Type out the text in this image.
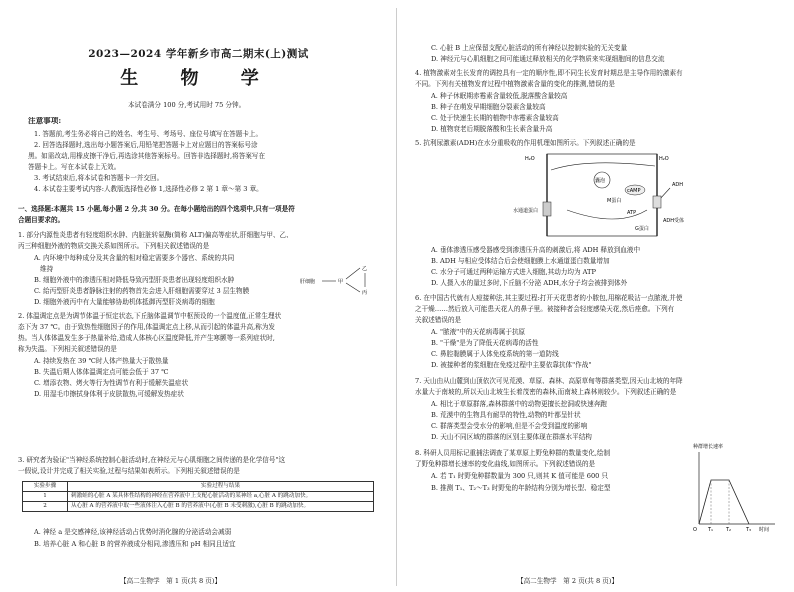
2023—2024 学年新乡市高二期末(上)测试
生 物 学
本试卷满分 100 分,考试用时 75 分钟。
注意事项:
1. 答题前,考生务必将自己的姓名、考生号、考场号、座位号填写在答题卡上。
2. 回答选择题时,选出每小题答案后,用铅笔把答题卡上对应题目的答案标号涂
黑。如需改动,用橡皮擦干净后,再选涂其他答案标号。回答非选择题时,将答案写在
答题卡上。写在本试卷上无效。
3. 考试结束后,将本试卷和答题卡一并交回。
4. 本试卷主要考试内容:人教版选择性必修 1,选择性必修 2 第 1 章～第 3 章。
一、选择题:本题共 15 小题,每小题 2 分,共 30 分。在每小题给出的四个选项中,只有一项是符
合题目要求的。
1. 部分内源性炎患者有轻度组织水肿、内脏脏转氨酶(简称 ALT)偏高等症状,肝细胞与甲、乙、
丙三种细胞外液的物质交换关系如图所示。下列相关叙述错误的是
A. 内环境中每种成分及其含量的相对稳定需要多个器官、系统的共同
维持
B. 细胞外液中的渗透压相对降低导致丙型肝炎患者出现轻度组织水肿
C. 給丙型肝炎患者静脉注射的药物首先会进入肝细胞需要穿过 3 层生物膜
D. 细胞外液丙中有大量能够协助机体抵御丙型肝炎病毒的细胞
肝细胞	甲
乙
丙
2. 体温调定点是为调节体温于恒定状态,下丘脑体温调节中枢预设的一个温度值,正常生理状
态下为 37 ℃。由于致热性细胞因子的作用,体温调定点上移,从而引起的体温升高,称为发
热。当人体体温发生多于热量补给,造成人体核心区温度降低,并产生寒颤等一系列症状时,
称为失温。下列相关叙述错误的是
A. 持续发热在 39 ℃时人体产热量大于散热量
B. 失温后期人体体温调定点可能会低于 37 ℃
C. 增添衣物、烤火等行为性调节有利于缓解失温症状
D. 用湿毛巾擦拭身体利于皮肤散热,可缓解发热症状
3. 研究者为验证"当神经系统控制心脏活动时,在神经元与心肌细胞之间传递的是化学信号"这
一假说,设计并完成了相关实验,过程与结果如表所示。下列相关叙述错误的是
实验步骤	实验过程与结果
1	刺激蛙的心脏 A 某具体性结构的神经在营养液中上支配心脏活动的某神经 a,心脏 A 的跳动加快。
2	从心脏 A 的营养液中取一些液体注入心脏 B 的营养液中(心脏 B 未受刺激),心脏 B 的跳动加快。
A. 神经 a 是交感神经,该神经活动占优势时消化腺的分泌活动会减弱
B. 培养心脏 A 和心脏 B 的营养液成分相同,渗透压和 pH 相同且适宜
【高二生物学　第 1 页(共 8 页)】
C. 心脏 B 上应保留支配心脏活动的所有神经以控制实验的无关变量
D. 神经元与心肌细胞之间可能通过释放相关的化学物质来实现细胞间的信息交流
4. 植物激素对生长发育的调控具有一定的顺序性,即不同生长发育时期总是主导作用的激素有
不同。下列有关植物发育过程中植物激素含量的变化的推测,错误的是
A. 种子休眠期赤霉素含量较低,脱落酸含量较高
B. 种子在萌发早期细胞分裂素含量较高
C. 处于快速生长期的植物中赤霉素含量较高
D. 植物衰老后期脱落酸和生长素含量升高
5. 抗利尿激素(ADH)在水分重吸收的作用机理如图所示。下列叙述正确的是
H₂O	H₂O
ADH
cAMP
囊泡
水通道蛋白	ATP
ADH受体
M蛋白
G蛋白
A. 垂体渗透压感受器感受到渗透压升高的刺激后,将 ADH 释放到血液中
B. ADH 与相应受体结合后会使细胞膜上水通道蛋白数量增加
C. 水分子可通过两种运输方式进入细胞,其动力均为 ATP
D. 人摄入水的量过多时,下丘脑不分泌 ADH,水分子均会被排到体外
6. 在中国古代就有人痘接种法,其主要过程:打开天花患者的小脓包,用棉花吸沾一点脓液,并使
之干燥……然后放入可能患天花人的鼻子里。被接种者会轻度感染天花,然后痊愈。下列有
关叙述错误的是
A. "脓液"中的天花病毒属于抗原
B. "干燥"是为了降低天花病毒的活性
C. 鼻腔黏膜属于人体免疫系统的第一道防线
D. 被接种者的浆细胞在免疫过程中主要依靠抗体"作战"
7. 天山由从山麓到山顶依次可见荒漠、草原、森林、高原草甸等群落类型,因天山北坡的年降
水量大于南坡的,所以天山北坡生长着茂密的森林,而南坡上森林则较少。下列叙述正确的是
A. 相比于草原群落,森林群落中的动物更擅长挖洞或快速奔跑
B. 荒漠中的生物具有耐旱的特性,动物的叶都呈针状
C. 群落类型会受水分的影响,但是不会受到温度的影响
D. 天山不同区域的群落的区别主要体现在群落水平结构
8. 科研人员用标记重捕法调查了某草原上野兔种群的数量变化,绘制
了野兔种群增长速率的变化曲线,如图所示。下列叙述错误的是
A. 若 T₁ 时野兔种群数量为 300 只,则其 K 值可能是 600 只
B. 推测 T₁、T₂～T₃ 时野兔的年龄结构分别为增长型、稳定型
种群增长速率
O T₁	T₂	T₃ 时间
【高二生物学　第 2 页(共 8 页)】
